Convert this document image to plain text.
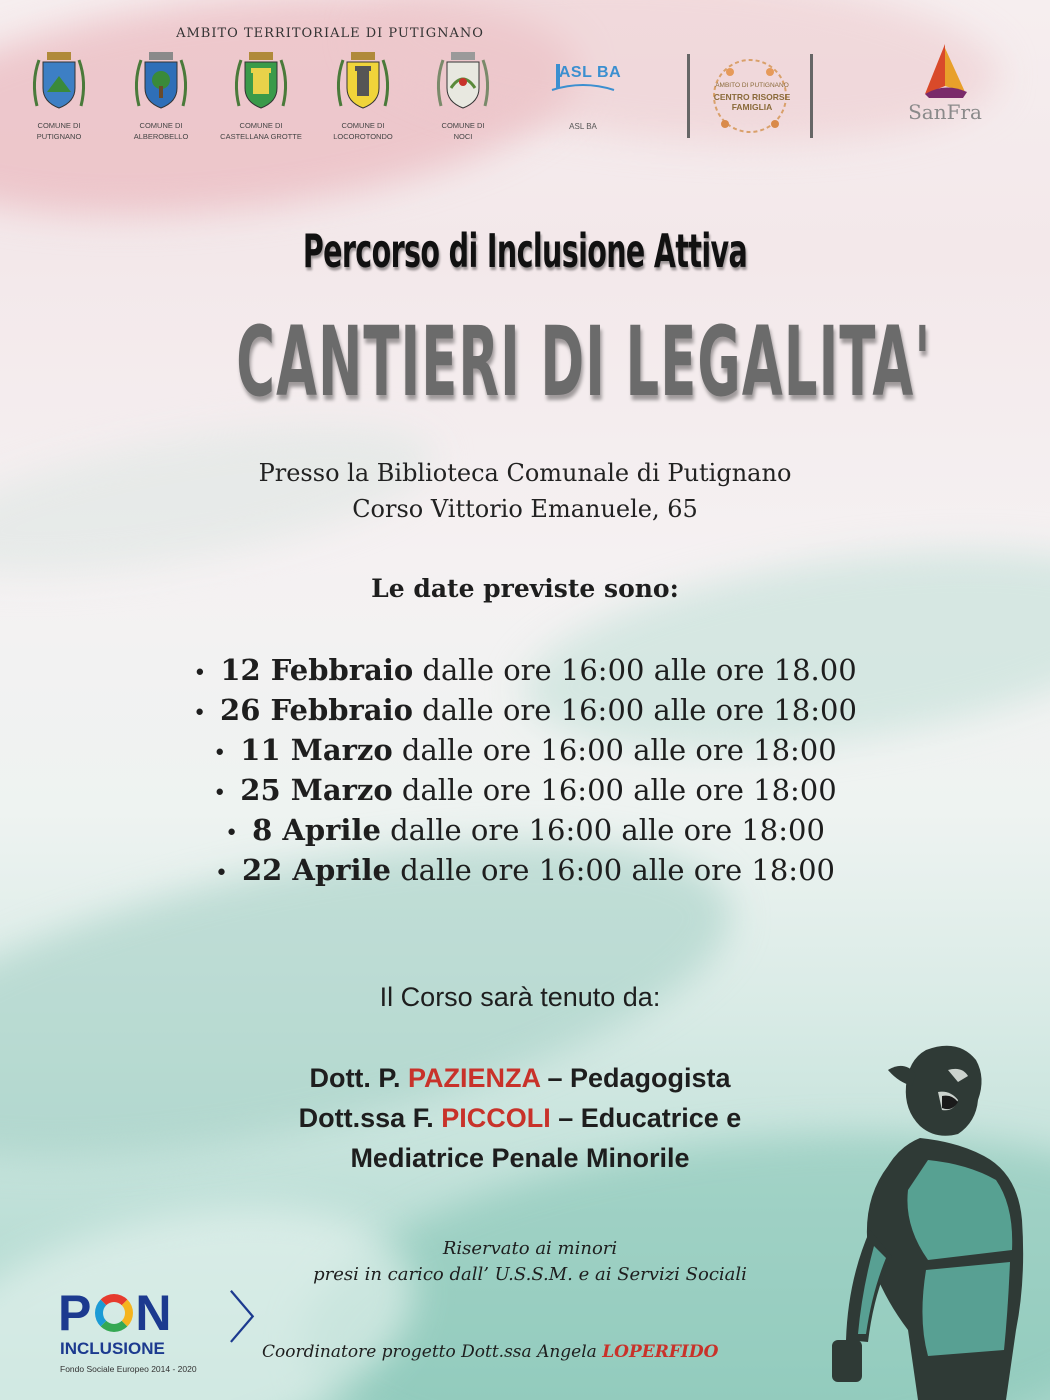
AMBITO TERRITORIALE DI PUTIGNANO
COMUNE DI
PUTIGNANO
COMUNE DI
ALBEROBELLO
COMUNE DI
CASTELLANA GROTTE
COMUNE DI
LOCOROTONDO
COMUNE DI
NOCI
ASL BA
ASL BA
AMBITO DI PUTIGNANO
CENTRO RISORSE
FAMIGLIA	SanFra
Percorso di Inclusione Attiva
CANTIERI DI LEGALITA'
Presso la Biblioteca Comunale di Putignano
Corso Vittorio Emanuele, 65
Le date previste sono:
• 12 Febbraio dalle ore 16:00 alle ore 18.00
• 26 Febbraio dalle ore 16:00 alle ore 18:00
• 11 Marzo dalle ore 16:00 alle ore 18:00
• 25 Marzo dalle ore 16:00 alle ore 18:00
• 8 Aprile dalle ore 16:00 alle ore 18:00
• 22 Aprile dalle ore 16:00 alle ore 18:00
Il Corso sarà tenuto da:
Dott. P. PAZIENZA – Pedagogista
Dott.ssa F. PICCOLI – Educatrice e
Mediatrice Penale Minorile
Riservato ai minori
presi in carico dall’ U.S.S.M. e ai Servizi Sociali
P N
INCLUSIONE
Fondo Sociale Europeo 2014 - 2020
〉
Coordinatore progetto Dott.ssa Angela LOPERFIDO
